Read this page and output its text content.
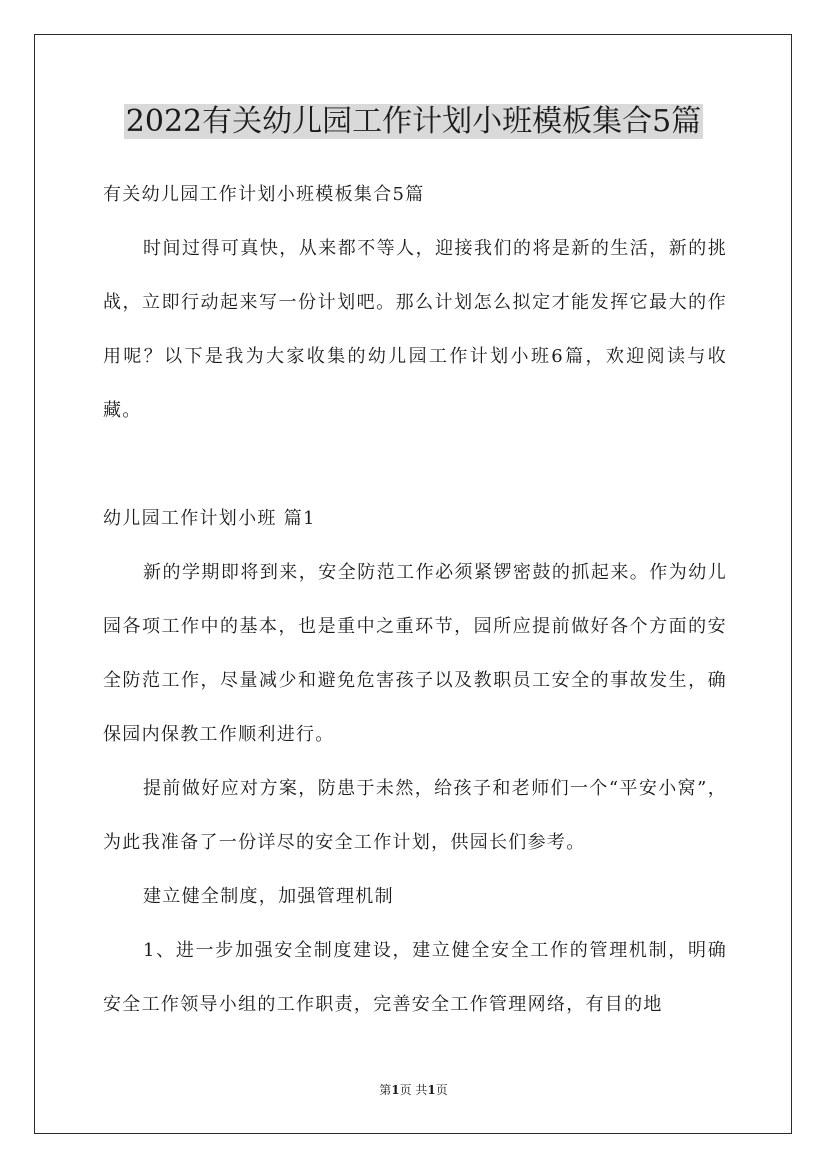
2022有关幼儿园工作计划小班模板集合5篇

有关幼儿园工作计划小班模板集合5篇

时间过得可真快，从来都不等人，迎接我们的将是新的生活，新的挑战，立即行动起来写一份计划吧。那么计划怎么拟定才能发挥它最大的作用呢？以下是我为大家收集的幼儿园工作计划小班6篇，欢迎阅读与收藏。

幼儿园工作计划小班 篇1

新的学期即将到来，安全防范工作必须紧锣密鼓的抓起来。作为幼儿园各项工作中的基本，也是重中之重环节，园所应提前做好各个方面的安全防范工作，尽量减少和避免危害孩子以及教职员工安全的事故发生，确保园内保教工作顺利进行。

提前做好应对方案，防患于未然，给孩子和老师们一个“平安小窝”，为此我准备了一份详尽的安全工作计划，供园长们参考。

建立健全制度，加强管理机制

1、进一步加强安全制度建设，建立健全安全工作的管理机制，明确安全工作领导小组的工作职责，完善安全工作管理网络，有目的地

第1页 共1页
